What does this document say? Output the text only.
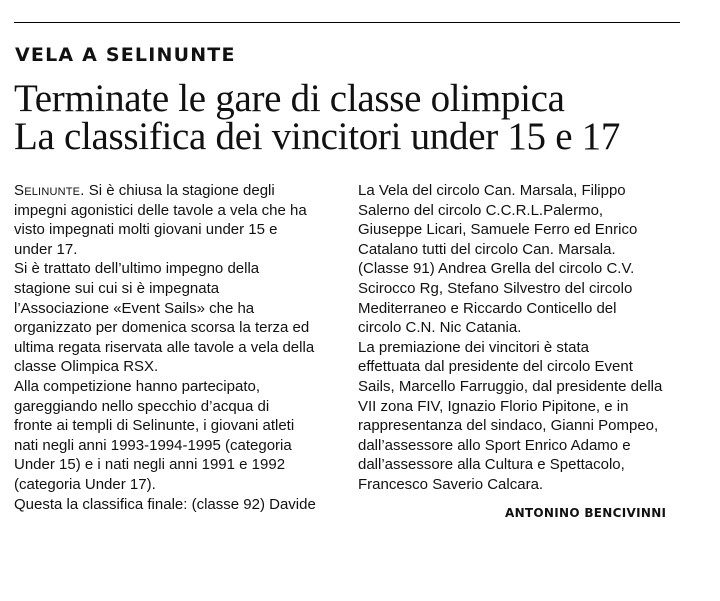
VELA A SELINUNTE
Terminate le gare di classe olimpica
La classifica dei vincitori under 15 e 17

Selinunte. Si è chiusa la stagione degli

impegni agonistici delle tavole a vela che ha

visto impegnati molti giovani under 15 e

under 17.

Si è trattato dell’ultimo impegno della

stagione sui cui si è impegnata

l’Associazione «Event Sails» che ha

organizzato per domenica scorsa la terza ed

ultima regata riservata alle tavole a vela della

classe Olimpica RSX.

Alla competizione hanno partecipato,

gareggiando nello specchio d’acqua di

fronte ai templi di Selinunte, i giovani atleti

nati negli anni 1993-1994-1995 (categoria

Under 15) e i nati negli anni 1991 e 1992

(categoria Under 17).

Questa la classifica finale: (classe 92) Davide

La Vela del circolo Can. Marsala, Filippo

Salerno del circolo C.C.R.L.Palermo,

Giuseppe Licari, Samuele Ferro ed Enrico

Catalano tutti del circolo Can. Marsala.

(Classe 91) Andrea Grella del circolo C.V.

Scirocco Rg, Stefano Silvestro del circolo

Mediterraneo e Riccardo Conticello del

circolo C.N. Nic Catania.

La premiazione dei vincitori è stata

effettuata dal presidente del circolo Event

Sails, Marcello Farruggio, dal presidente della

VII zona FIV, Ignazio Florio Pipitone, e in

rappresentanza del sindaco, Gianni Pompeo,

dall’assessore allo Sport Enrico Adamo e

dall’assessore alla Cultura e Spettacolo,

Francesco Saverio Calcara.

ANTONINO BENCIVINNI
